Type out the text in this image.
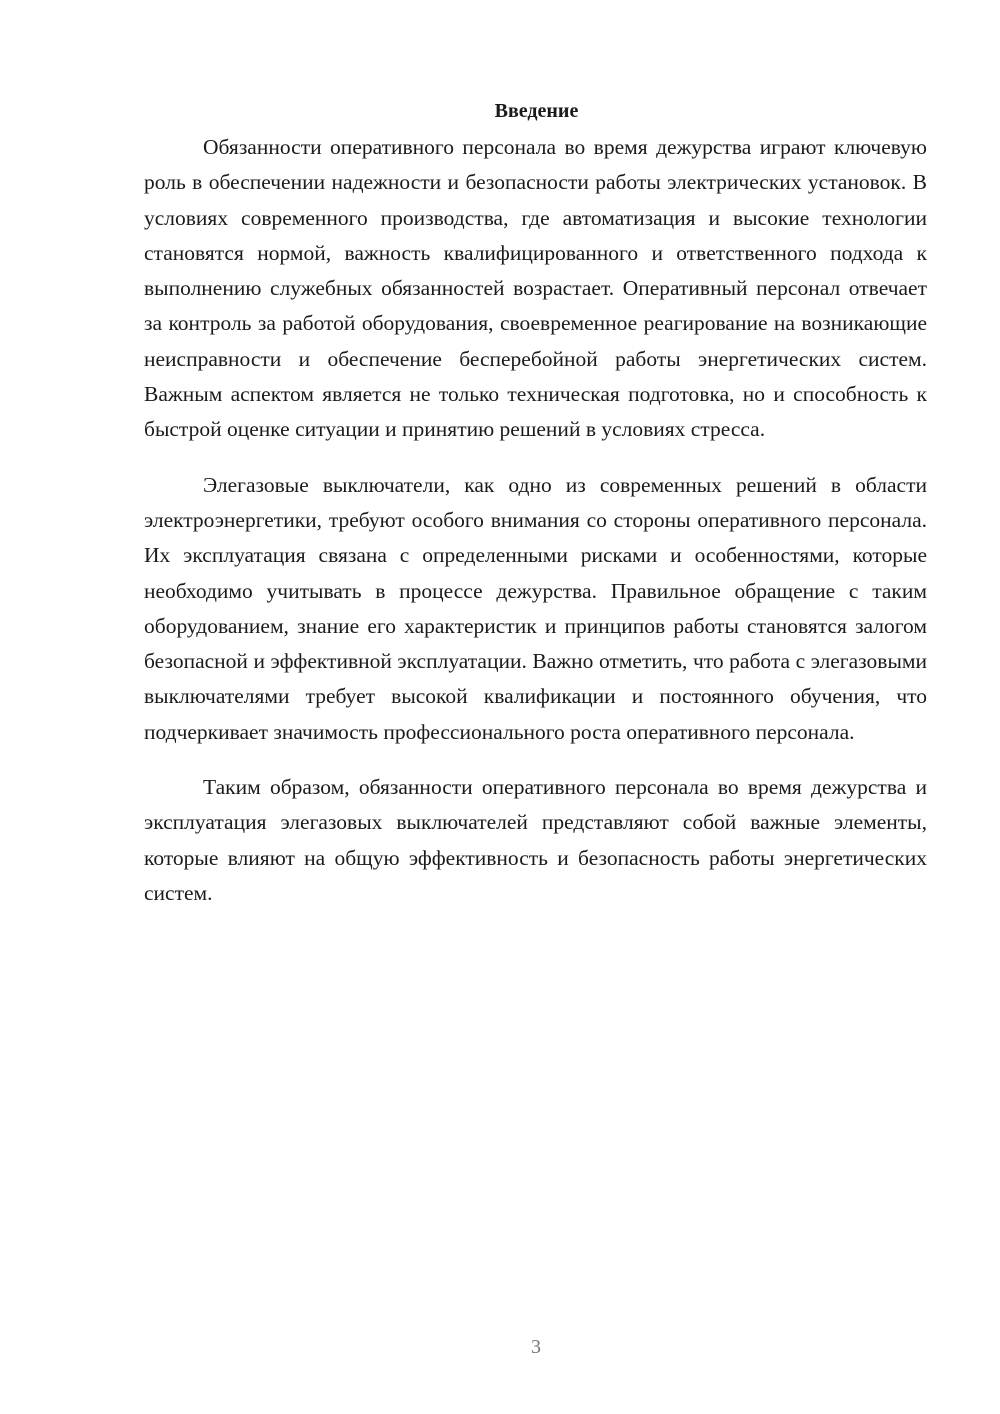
Введение

Обязанности оперативного персонала во время дежурства играют ключевую роль в обеспечении надежности и безопасности работы электрических установок. В условиях современного производства, где автоматизация и высокие технологии становятся нормой, важность квалифицированного и ответственного подхода к выполнению служебных обязанностей возрастает. Оперативный персонал отвечает за контроль за работой оборудования, своевременное реагирование на возникающие неисправности и обеспечение бесперебойной работы энергетических систем. Важным аспектом является не только техническая подготовка, но и способность к быстрой оценке ситуации и принятию решений в условиях стресса.

Элегазовые выключатели, как одно из современных решений в области электроэнергетики, требуют особого внимания со стороны оперативного персонала. Их эксплуатация связана с определенными рисками и особенностями, которые необходимо учитывать в процессе дежурства. Правильное обращение с таким оборудованием, знание его характеристик и принципов работы становятся залогом безопасной и эффективной эксплуатации. Важно отметить, что работа с элегазовыми выключателями требует высокой квалификации и постоянного обучения, что подчеркивает значимость профессионального роста оперативного персонала.

Таким образом, обязанности оперативного персонала во время дежурства и эксплуатация элегазовых выключателей представляют собой важные элементы, которые влияют на общую эффективность и безопасность работы энергетических систем.

3
